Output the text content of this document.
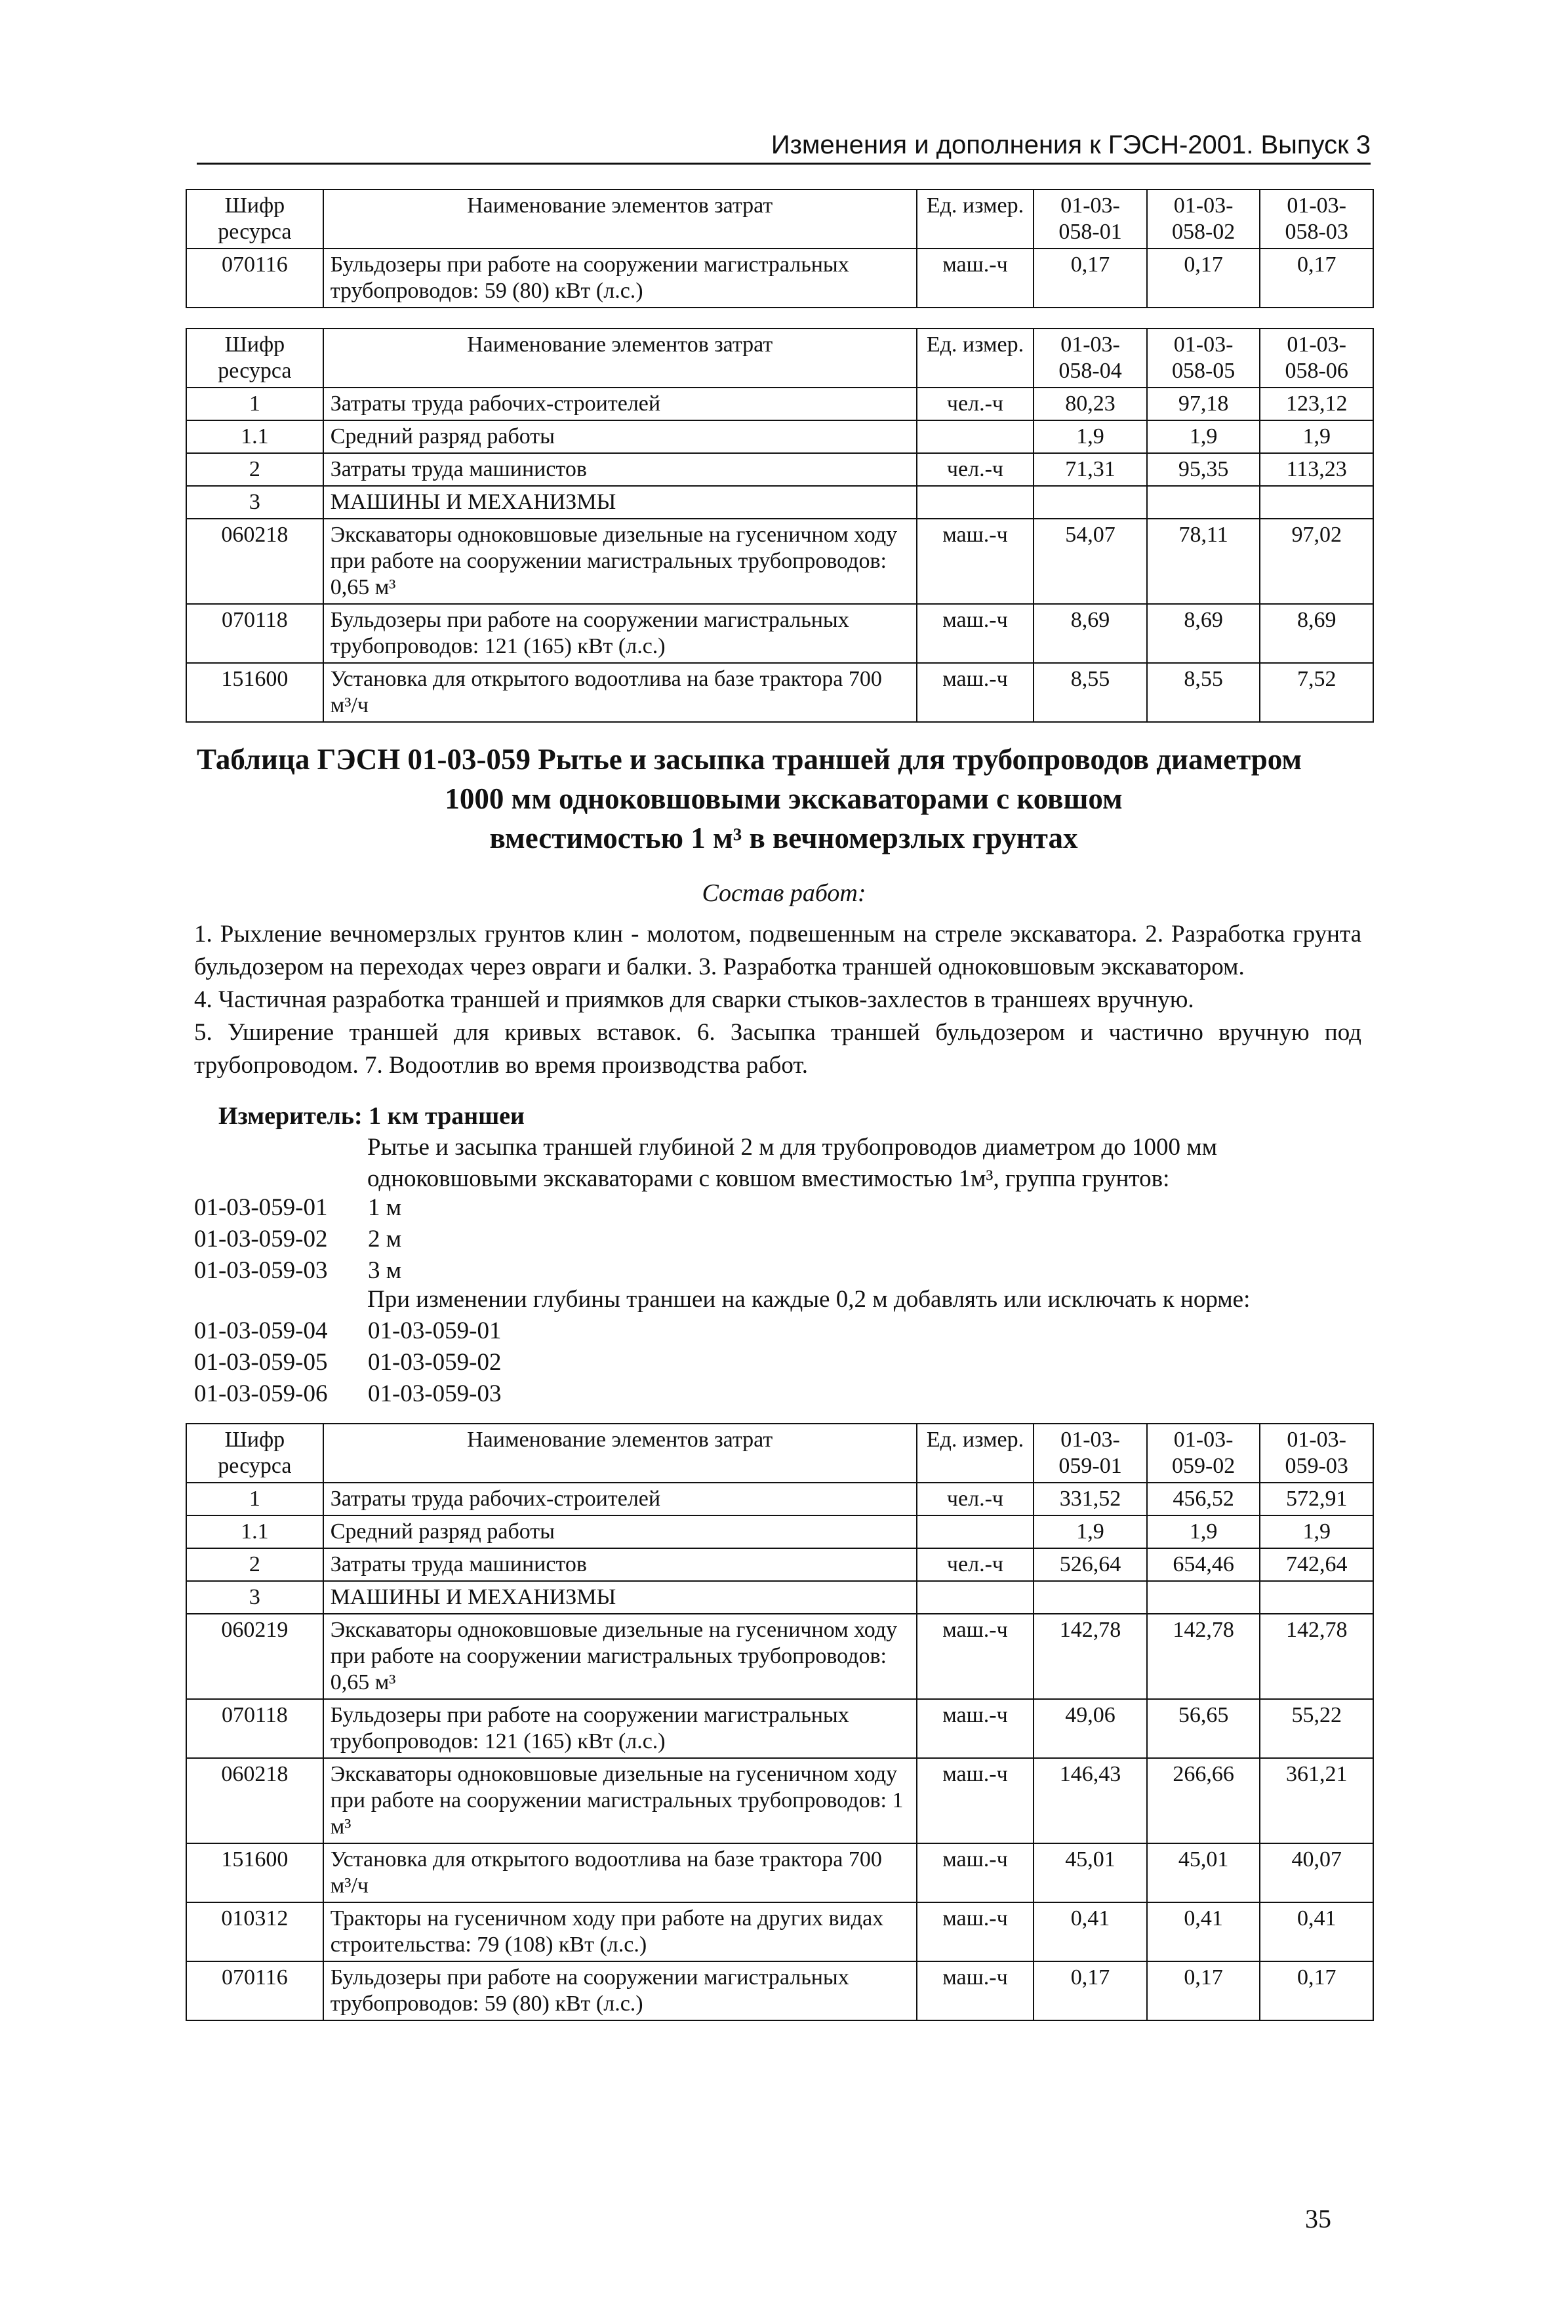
Изменения и дополнения к ГЭСН-2001. Выпуск 3
Шифр ресурса	Наименование элементов затрат	Ед. измер.	01-03-058-01	01-03-058-02	01-03-058-03
070116	Бульдозеры при работе на сооружении магистральных трубопроводов: 59 (80) кВт (л.с.)	маш.-ч	0,17	0,17	0,17
Шифр ресурса	Наименование элементов затрат	Ед. измер.	01-03-058-04	01-03-058-05	01-03-058-06
1	Затраты труда рабочих-строителей	чел.-ч	80,23	97,18	123,12
1.1	Средний разряд работы		1,9	1,9	1,9
2	Затраты труда машинистов	чел.-ч	71,31	95,35	113,23
3	МАШИНЫ И МЕХАНИЗМЫ				
060218	Экскаваторы одноковшовые дизельные на гусеничном ходу при работе на сооружении магистральных трубопроводов: 0,65 м³	маш.-ч	54,07	78,11	97,02
070118	Бульдозеры при работе на сооружении магистральных трубопроводов: 121 (165) кВт (л.с.)	маш.-ч	8,69	8,69	8,69
151600	Установка для открытого водоотлива на базе трактора 700 м³/ч	маш.-ч	8,55	8,55	7,52
Таблица ГЭСН 01-03-059 Рытье и засыпка траншей для трубопроводов диаметром
1000 мм одноковшовыми экскаваторами с ковшом
вместимостью 1 м³ в вечномерзлых грунтах
Состав работ:

1. Рыхление вечномерзлых грунтов клин - молотом, подвешенным на стреле экскаватора. 2. Разработка грунта бульдозером на переходах через овраги и балки. 3. Разработка траншей одноковшовым экскаватором.

4. Частичная разработка траншей и приямков для сварки стыков-захлестов в траншеях вручную.

5. Уширение траншей для кривых вставок. 6. Засыпка траншей бульдозером и частично вручную под трубопроводом. 7. Водоотлив во время производства работ.

Измеритель: 1 км траншеи
Рытье и засыпка траншей глубиной 2 м для трубопроводов диаметром до 1000 мм одноковшовыми экскаваторами с ковшом вместимостью 1м³, группа грунтов:
01-03-059-01	1 м
01-03-059-02	2 м
01-03-059-03	3 м
При изменении глубины траншеи на каждые 0,2 м добавлять или исключать к норме:
01-03-059-04	01-03-059-01
01-03-059-05	01-03-059-02
01-03-059-06	01-03-059-03
Шифр ресурса	Наименование элементов затрат	Ед. измер.	01-03-059-01	01-03-059-02	01-03-059-03
1	Затраты труда рабочих-строителей	чел.-ч	331,52	456,52	572,91
1.1	Средний разряд работы		1,9	1,9	1,9
2	Затраты труда машинистов	чел.-ч	526,64	654,46	742,64
3	МАШИНЫ И МЕХАНИЗМЫ				
060219	Экскаваторы одноковшовые дизельные на гусеничном ходу при работе на сооружении магистральных трубопроводов: 0,65 м³	маш.-ч	142,78	142,78	142,78
070118	Бульдозеры при работе на сооружении магистральных трубопроводов: 121 (165) кВт (л.с.)	маш.-ч	49,06	56,65	55,22
060218	Экскаваторы одноковшовые дизельные на гусеничном ходу при работе на сооружении магистральных трубопроводов: 1 м³	маш.-ч	146,43	266,66	361,21
151600	Установка для открытого водоотлива на базе трактора 700 м³/ч	маш.-ч	45,01	45,01	40,07
010312	Тракторы на гусеничном ходу при работе на других видах строительства: 79 (108) кВт (л.с.)	маш.-ч	0,41	0,41	0,41
070116	Бульдозеры при работе на сооружении магистральных трубопроводов: 59 (80) кВт (л.с.)	маш.-ч	0,17	0,17	0,17
35
